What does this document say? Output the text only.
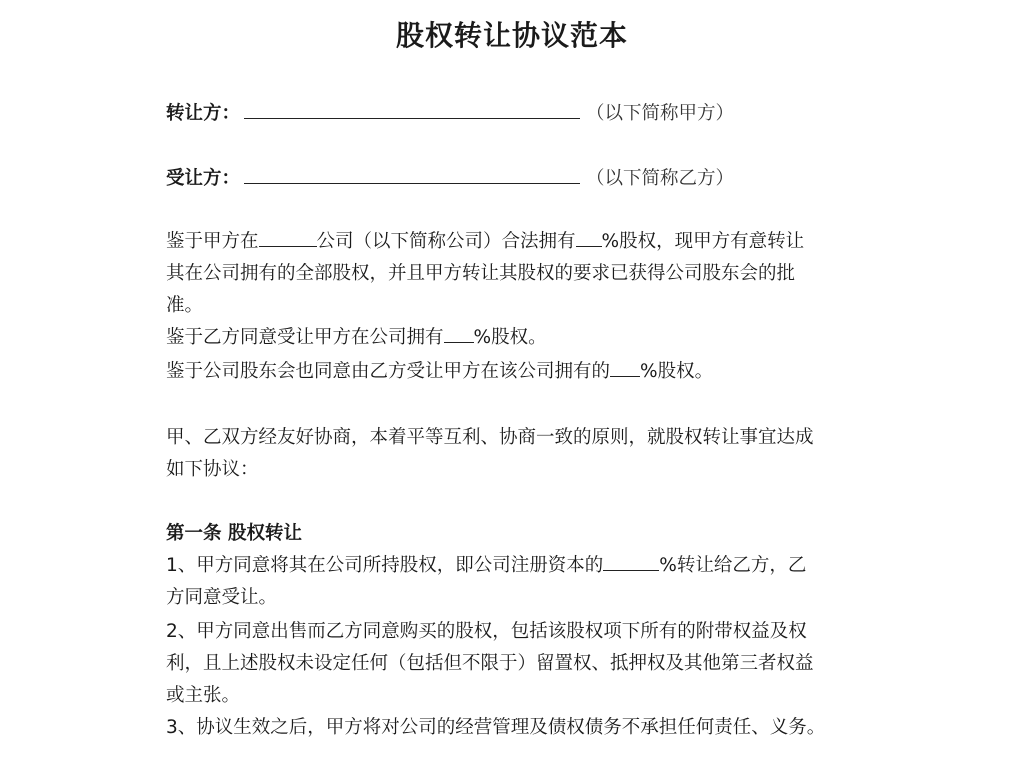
股权转让协议范本
转让方：	（以下简称甲方）
受让方：	（以下简称乙方）
鉴于甲方在	公司（以下简称公司）合法拥有 %股权，现甲方有意转让
其在公司拥有的全部股权，并且甲方转让其股权的要求已获得公司股东会的批
准。
鉴于乙方同意受让甲方在公司拥有 %股权。
鉴于公司股东会也同意由乙方受让甲方在该公司拥有的 %股权。
甲、乙双方经友好协商，本着平等互利、协商一致的原则，就股权转让事宜达成
如下协议：
第一条 股权转让
1、甲方同意将其在公司所持股权，即公司注册资本的	%转让给乙方，乙
方同意受让。
2、甲方同意出售而乙方同意购买的股权，包括该股权项下所有的附带权益及权
利，且上述股权未设定任何（包括但不限于）留置权、抵押权及其他第三者权益
或主张。
3、协议生效之后，甲方将对公司的经营管理及债权债务不承担任何责任、义务。
